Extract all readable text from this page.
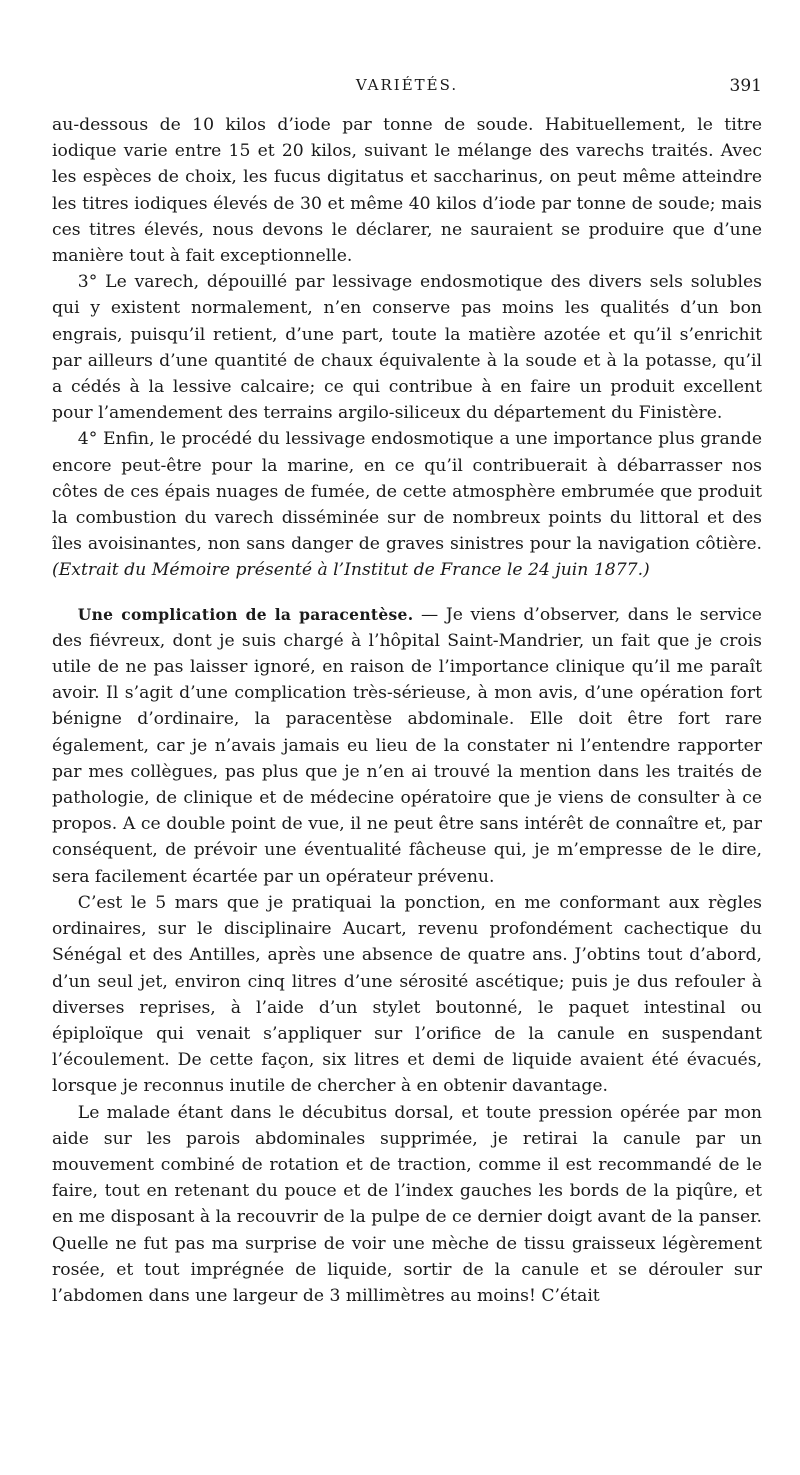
VARIÉTÉS.	391

au-dessous de 10 kilos d’iode par tonne de soude. Habituellement, le titre iodique varie entre 15 et 20 kilos, suivant le mélange des varechs traités. Avec les espèces de choix, les fucus digitatus et saccharinus, on peut même atteindre les titres iodiques élevés de 30 et même 40 kilos d’iode par tonne de soude; mais ces titres élevés, nous devons le déclarer, ne sauraient se produire que d’une manière tout à fait exceptionnelle.

3° Le varech, dépouillé par lessivage endosmotique des divers sels solubles qui y existent normalement, n’en conserve pas moins les qualités d’un bon engrais, puisqu’il retient, d’une part, toute la matière azotée et qu’il s’enrichit par ailleurs d’une quantité de chaux équivalente à la soude et à la potasse, qu’il a cédés à la lessive calcaire; ce qui contribue à en faire un produit excellent pour l’amendement des terrains argilo-siliceux du département du Finistère.

4° Enfin, le procédé du lessivage endosmotique a une importance plus grande encore peut-être pour la marine, en ce qu’il contribuerait à débarrasser nos côtes de ces épais nuages de fumée, de cette atmosphère embrumée que produit la combustion du varech disséminée sur de nombreux points du littoral et des îles avoisinantes, non sans danger de graves sinistres pour la navigation côtière. (Extrait du Mémoire présenté à l’Institut de France le 24 juin 1877.)

Une complication de la paracentèse. — Je viens d’observer, dans le service des fiévreux, dont je suis chargé à l’hôpital Saint-Mandrier, un fait que je crois utile de ne pas laisser ignoré, en raison de l’importance clinique qu’il me paraît avoir. Il s’agit d’une complication très-sérieuse, à mon avis, d’une opération fort bénigne d’ordinaire, la paracentèse abdominale. Elle doit être fort rare également, car je n’avais jamais eu lieu de la constater ni l’entendre rapporter par mes collègues, pas plus que je n’en ai trouvé la mention dans les traités de pathologie, de clinique et de médecine opératoire que je viens de consulter à ce propos. A ce double point de vue, il ne peut être sans intérêt de connaître et, par conséquent, de prévoir une éventualité fâcheuse qui, je m’empresse de le dire, sera facilement écartée par un opérateur prévenu.

C’est le 5 mars que je pratiquai la ponction, en me conformant aux règles ordinaires, sur le disciplinaire Aucart, revenu profondément cachectique du Sénégal et des Antilles, après une absence de quatre ans. J’obtins tout d’abord, d’un seul jet, environ cinq litres d’une sérosité ascétique; puis je dus refouler à diverses reprises, à l’aide d’un stylet boutonné, le paquet intestinal ou épiploïque qui venait s’appliquer sur l’orifice de la canule en suspendant l’écoulement. De cette façon, six litres et demi de liquide avaient été évacués, lorsque je reconnus inutile de chercher à en obtenir davantage.

Le malade étant dans le décubitus dorsal, et toute pression opérée par mon aide sur les parois abdominales supprimée, je retirai la canule par un mouvement combiné de rotation et de traction, comme il est recommandé de le faire, tout en retenant du pouce et de l’index gauches les bords de la piqûre, et en me disposant à la recouvrir de la pulpe de ce dernier doigt avant de la panser. Quelle ne fut pas ma surprise de voir une mèche de tissu graisseux légèrement rosée, et tout imprégnée de liquide, sortir de la canule et se dérouler sur l’abdomen dans une largeur de 3 millimètres au moins! C’était
